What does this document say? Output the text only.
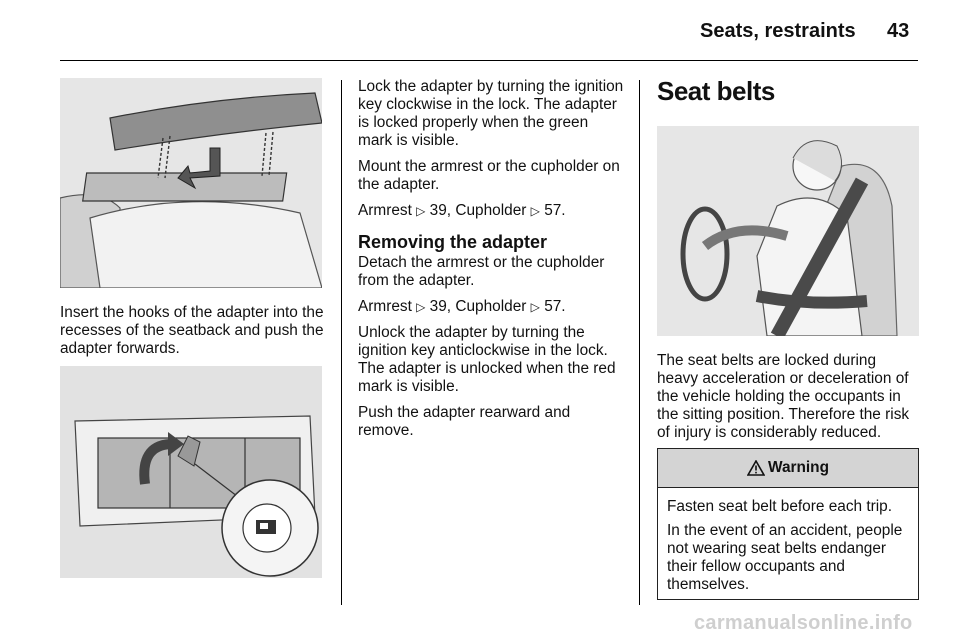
Seats, restraints 43

Insert the hooks of the adapter into the recesses of the seatback and push the adapter forwards.

Lock the adapter by turning the ignition key clockwise in the lock. The adapter is locked properly when the green mark is visible.

Mount the armrest or the cupholder on the adapter.

Armrest ▷ 39, Cupholder ▷ 57.

Removing the adapter

Detach the armrest or the cupholder from the adapter.

Armrest ▷ 39, Cupholder ▷ 57.

Unlock the adapter by turning the ignition key anticlockwise in the lock. The adapter is unlocked when the red mark is visible.

Push the adapter rearward and remove.

Seat belts

The seat belts are locked during heavy acceleration or deceleration of the vehicle holding the occupants in the sitting position. Therefore the risk of injury is considerably reduced.

Warning

Fasten seat belt before each trip.

In the event of an accident, people not wearing seat belts endanger their fellow occupants and themselves.

carmanualsonline.info
